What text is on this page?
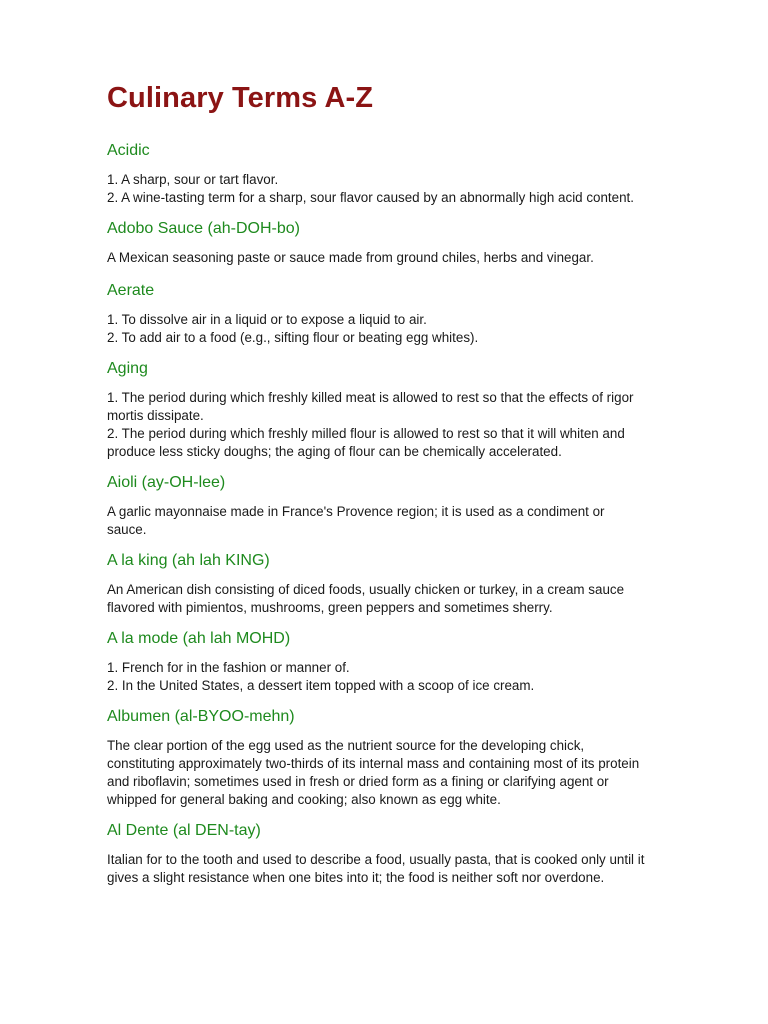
Culinary Terms A-Z
Acidic
1. A sharp, sour or tart flavor.
2. A wine-tasting term for a sharp, sour flavor caused by an abnormally high acid content.
Adobo Sauce (ah-DOH-bo)
A Mexican seasoning paste or sauce made from ground chiles, herbs and vinegar.
Aerate
1. To dissolve air in a liquid or to expose a liquid to air.
2. To add air to a food (e.g., sifting flour or beating egg whites).
Aging
1. The period during which freshly killed meat is allowed to rest so that the effects of rigor
mortis dissipate.
2. The period during which freshly milled flour is allowed to rest so that it will whiten and
produce less sticky doughs; the aging of flour can be chemically accelerated.
Aioli (ay-OH-lee)
A garlic mayonnaise made in France's Provence region; it is used as a condiment or
sauce.
A la king (ah lah KING)
An American dish consisting of diced foods, usually chicken or turkey, in a cream sauce
flavored with pimientos, mushrooms, green peppers and sometimes sherry.
A la mode (ah lah MOHD)
1. French for in the fashion or manner of.
2. In the United States, a dessert item topped with a scoop of ice cream.
Albumen (al-BYOO-mehn)
The clear portion of the egg used as the nutrient source for the developing chick,
constituting approximately two-thirds of its internal mass and containing most of its protein
and riboflavin; sometimes used in fresh or dried form as a fining or clarifying agent or
whipped for general baking and cooking; also known as egg white.
Al Dente (al DEN-tay)
Italian for to the tooth and used to describe a food, usually pasta, that is cooked only until it
gives a slight resistance when one bites into it; the food is neither soft nor overdone.
